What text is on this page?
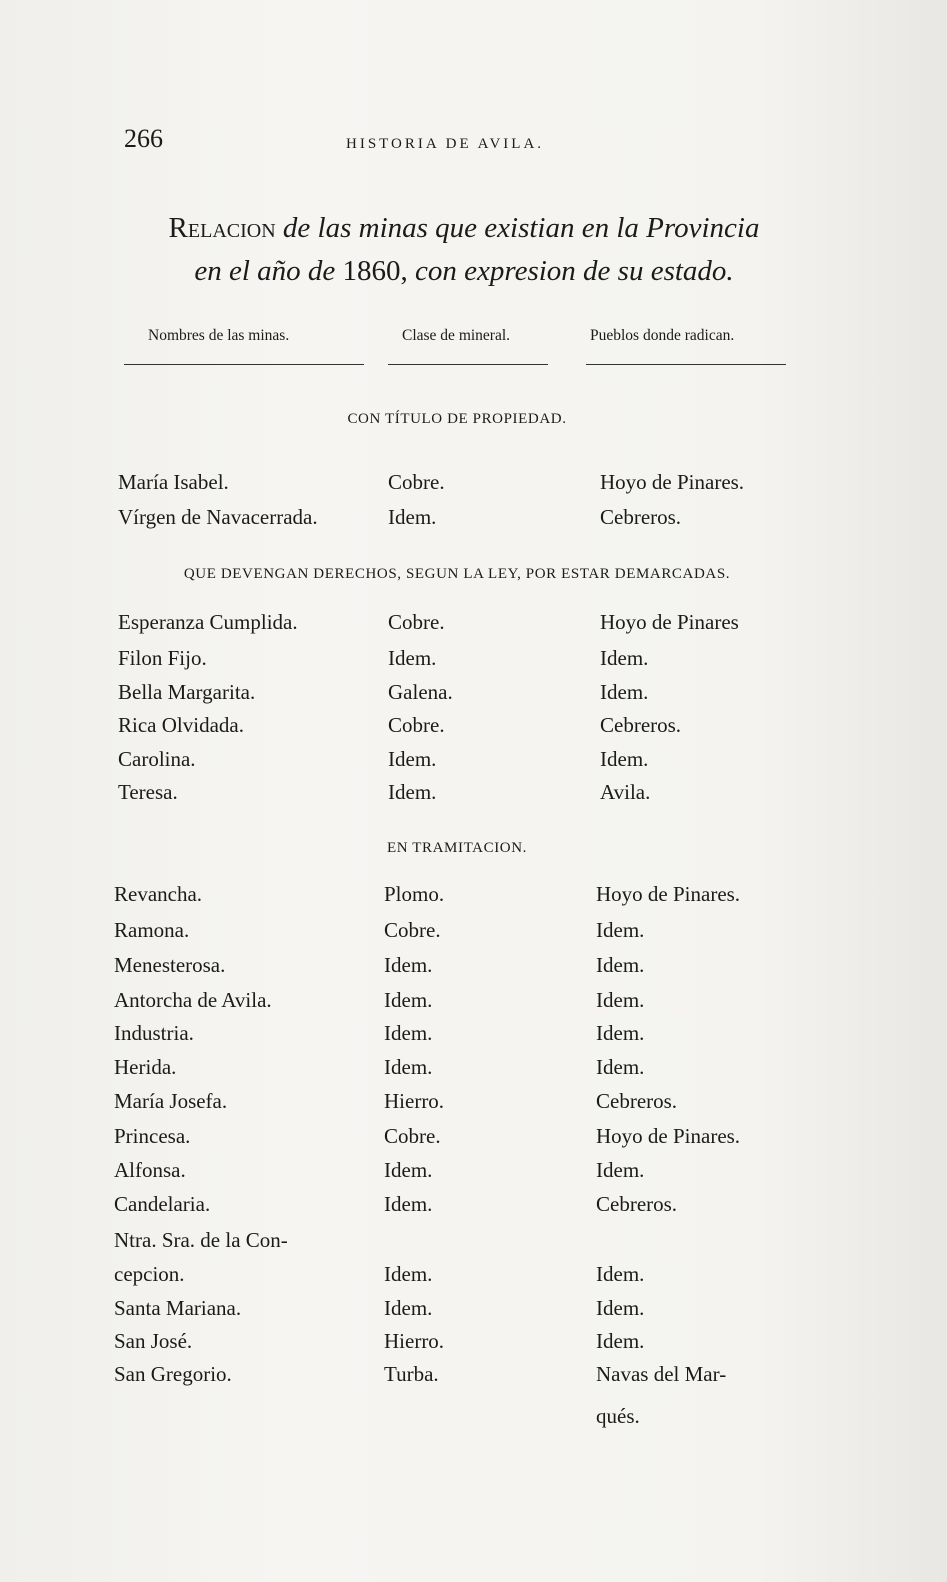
266	HISTORIA DE AVILA.
Relacion de las minas que existian en la Provincia
en el año de 1860, con expresion de su estado.
Nombres de las minas.	Clase de mineral.	Pueblos donde radican.
CON TÍTULO DE PROPIEDAD.
QUE DEVENGAN DERECHOS, SEGUN LA LEY, POR ESTAR DEMARCADAS.
EN TRAMITACION.
María Isabel.	Cobre.	Hoyo de Pinares.
Vírgen de Navacerrada.	Idem.	Cebreros.
Esperanza Cumplida.	Cobre.	Hoyo de Pinares
Filon Fijo.	Idem.	Idem.
Bella Margarita.	Galena.	Idem.
Rica Olvidada.	Cobre.	Cebreros.
Carolina.	Idem.	Idem.
Teresa.	Idem.	Avila.
Revancha.	Plomo.	Hoyo de Pinares.
Ramona.	Cobre.	Idem.
Menesterosa.	Idem.	Idem.
Antorcha de Avila.	Idem.	Idem.
Industria.	Idem.	Idem.
Herida.	Idem.	Idem.
María Josefa.	Hierro.	Cebreros.
Princesa.	Cobre.	Hoyo de Pinares.
Alfonsa.	Idem.	Idem.
Candelaria.	Idem.	Cebreros.
Ntra. Sra. de la Con-
cepcion.	Idem.	Idem.
Santa Mariana.	Idem.	Idem.
San José.	Hierro.	Idem.
San Gregorio.	Turba.	Navas del Mar-
qués.
